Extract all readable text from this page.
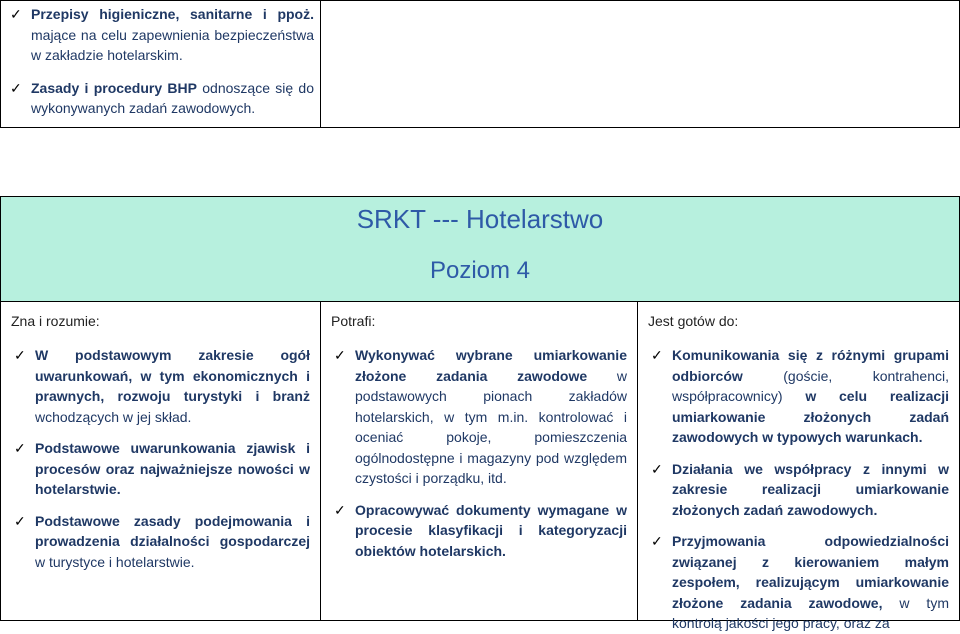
✓ Przepisy higieniczne, sanitarne i ppoż. mające na celu zapewnienia bezpieczeństwa w zakładzie hotelarskim.
✓ Zasady i procedury BHP odnoszące się do wykonywanych zadań zawodowych.
SRKT --- Hotelarstwo
Poziom 4
Zna i rozumie:
✓ W podstawowym zakresie ogół uwarunkowań, w tym ekonomicznych i prawnych, rozwoju turystyki i branż wchodzących w jej skład.
✓ Podstawowe uwarunkowania zjawisk i procesów oraz najważniejsze nowości w hotelarstwie.
✓ Podstawowe zasady podejmowania i prowadzenia działalności gospodarczej w turystyce i hotelarstwie.
Potrafi:
✓ Wykonywać wybrane umiarkowanie złożone zadania zawodowe w podstawowych pionach zakładów hotelarskich, w tym m.in. kontrolować i oceniać pokoje, pomieszczenia ogólnodostępne i magazyny pod względem czystości i porządku, itd.
✓ Opracowywać dokumenty wymagane w procesie klasyfikacji i kategoryzacji obiektów hotelarskich.
Jest gotów do:
✓ Komunikowania się z różnymi grupami odbiorców (goście, kontrahenci, współpracownicy) w celu realizacji umiarkowanie złożonych zadań zawodowych w typowych warunkach.
✓ Działania we współpracy z innymi w zakresie realizacji umiarkowanie złożonych zadań zawodowych.
✓ Przyjmowania odpowiedzialności związanej z kierowaniem małym zespołem, realizującym umiarkowanie złożone zadania zawodowe, w tym kontrolą jakości jego pracy, oraz za
